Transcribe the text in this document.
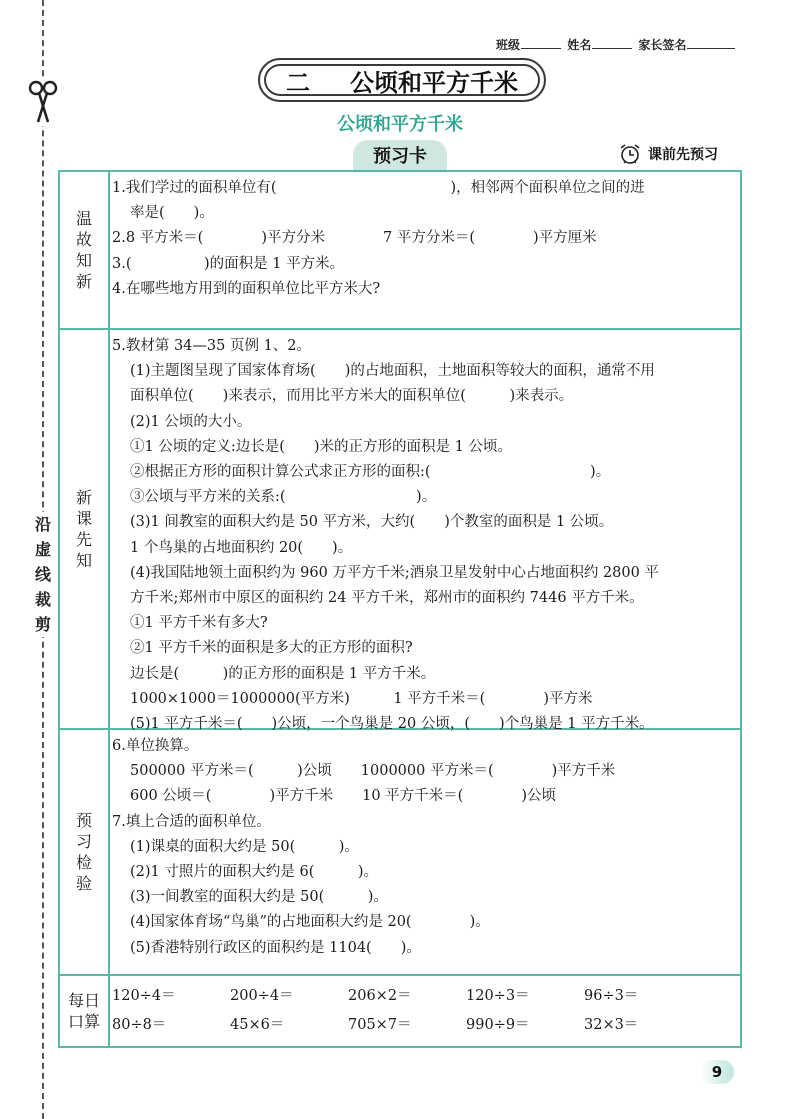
沿
虚
线
裁
剪
班级	姓名	家长签名
二 公顷和平方千米
公顷和平方千米
预习卡	课前先预习
温故知新
1.我们学过的面积单位有(　　　　　　　　　　　　)，相邻两个面积单位之间的进
率是(　　)。
2.8 平方米＝(　　　　)平方分米　　　　7 平方分米＝(　　　　)平方厘米
3.(　　　　　)的面积是 1 平方米。
4.在哪些地方用到的面积单位比平方米大?
新课先知
5.教材第 34—35 页例 1、2。
(1)主题图呈现了国家体育场(　　)的占地面积，土地面积等较大的面积，通常不用
面积单位(　　)来表示，而用比平方米大的面积单位(　　　)来表示。
(2)1 公顷的大小。
①1 公顷的定义:边长是(　　)米的正方形的面积是 1 公顷。
②根据正方形的面积计算公式求正方形的面积:(　　　　　　　　　　　)。
③公顷与平方米的关系:(　　　　　　　　　)。
(3)1 间教室的面积大约是 50 平方米，大约(　　)个教室的面积是 1 公顷。
1 个鸟巢的占地面积约 20(　　)。
(4)我国陆地领土面积约为 960 万平方千米;酒泉卫星发射中心占地面积约 2800 平
方千米;郑州市中原区的面积约 24 平方千米，郑州市的面积约 7446 平方千米。
①1 平方千米有多大?
②1 平方千米的面积是多大的正方形的面积?
边长是(　　　)的正方形的面积是 1 平方千米。
1000×1000＝1000000(平方米)　　　1 平方千米＝(　　　　)平方米
(5)1 平方千米＝(　　)公顷，一个鸟巢是 20 公顷，(　　)个鸟巢是 1 平方千米。
预习检验
6.单位换算。
500000 平方米＝(　　　)公顷　　1000000 平方米＝(　　　　)平方千米
600 公顷＝(　　　　)平方千米　　10 平方千米＝(　　　　)公顷
7.填上合适的面积单位。
(1)课桌的面积大约是 50(　　　)。
(2)1 寸照片的面积大约是 6(　　　)。
(3)一间教室的面积大约是 50(　　　)。
(4)国家体育场“鸟巢”的占地面积大约是 20(　　　　)。
(5)香港特别行政区的面积约是 1104(　　)。
每日口算
120÷4＝	200÷4＝	206×2＝	120÷3＝	96÷3＝
80÷8＝	45×6＝	705×7＝	990÷9＝	32×3＝
9
